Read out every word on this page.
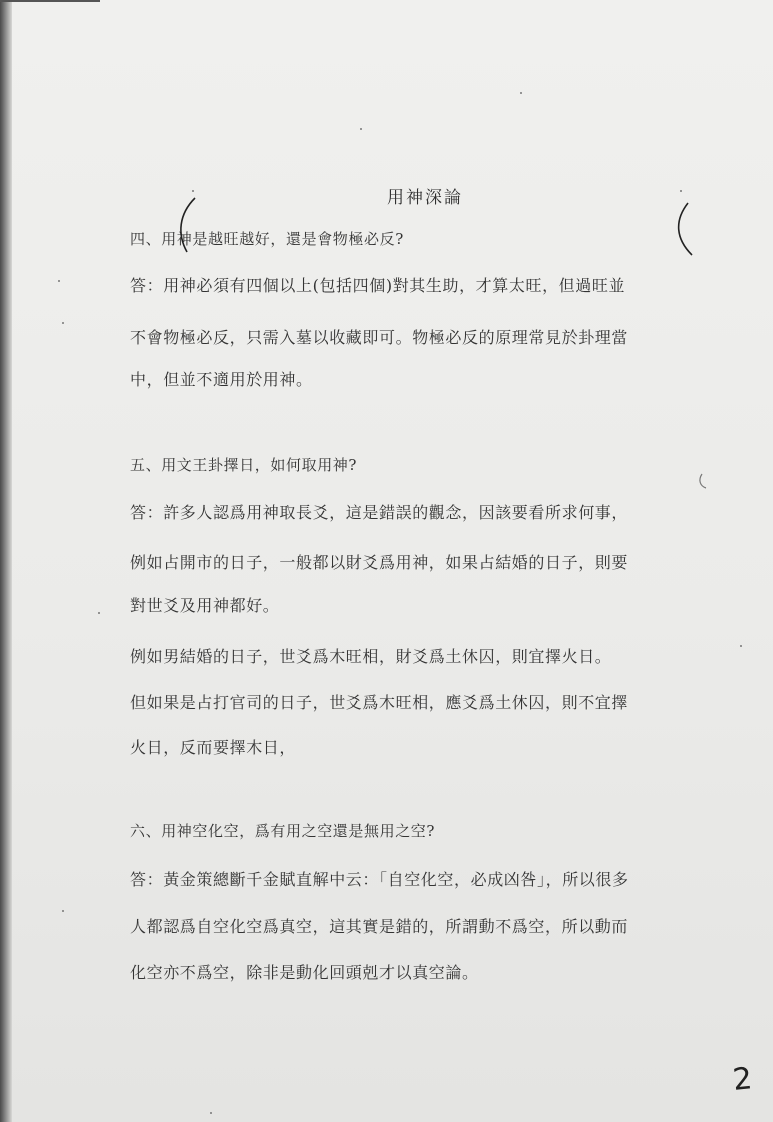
用神深論
四、用神是越旺越好，還是會物極必反?
答：用神必須有四個以上(包括四個)對其生助，才算太旺，但過旺並
不會物極必反，只需入墓以收藏即可。物極必反的原理常見於卦理當
中，但並不適用於用神。
五、用文王卦擇日，如何取用神?
答：許多人認爲用神取長爻，這是錯誤的觀念，因該要看所求何事，
例如占開市的日子，一般都以財爻爲用神，如果占結婚的日子，則要
對世爻及用神都好。
例如男結婚的日子，世爻爲木旺相，財爻爲土休囚，則宜擇火日。
但如果是占打官司的日子，世爻爲木旺相，應爻爲土休囚，則不宜擇
火日，反而要擇木日，
六、用神空化空，爲有用之空還是無用之空?
答：黃金策總斷千金賦直解中云：「自空化空，必成凶咎」，所以很多
人都認爲自空化空爲真空，這其實是錯的，所謂動不爲空，所以動而
化空亦不爲空，除非是動化回頭剋才以真空論。
2
